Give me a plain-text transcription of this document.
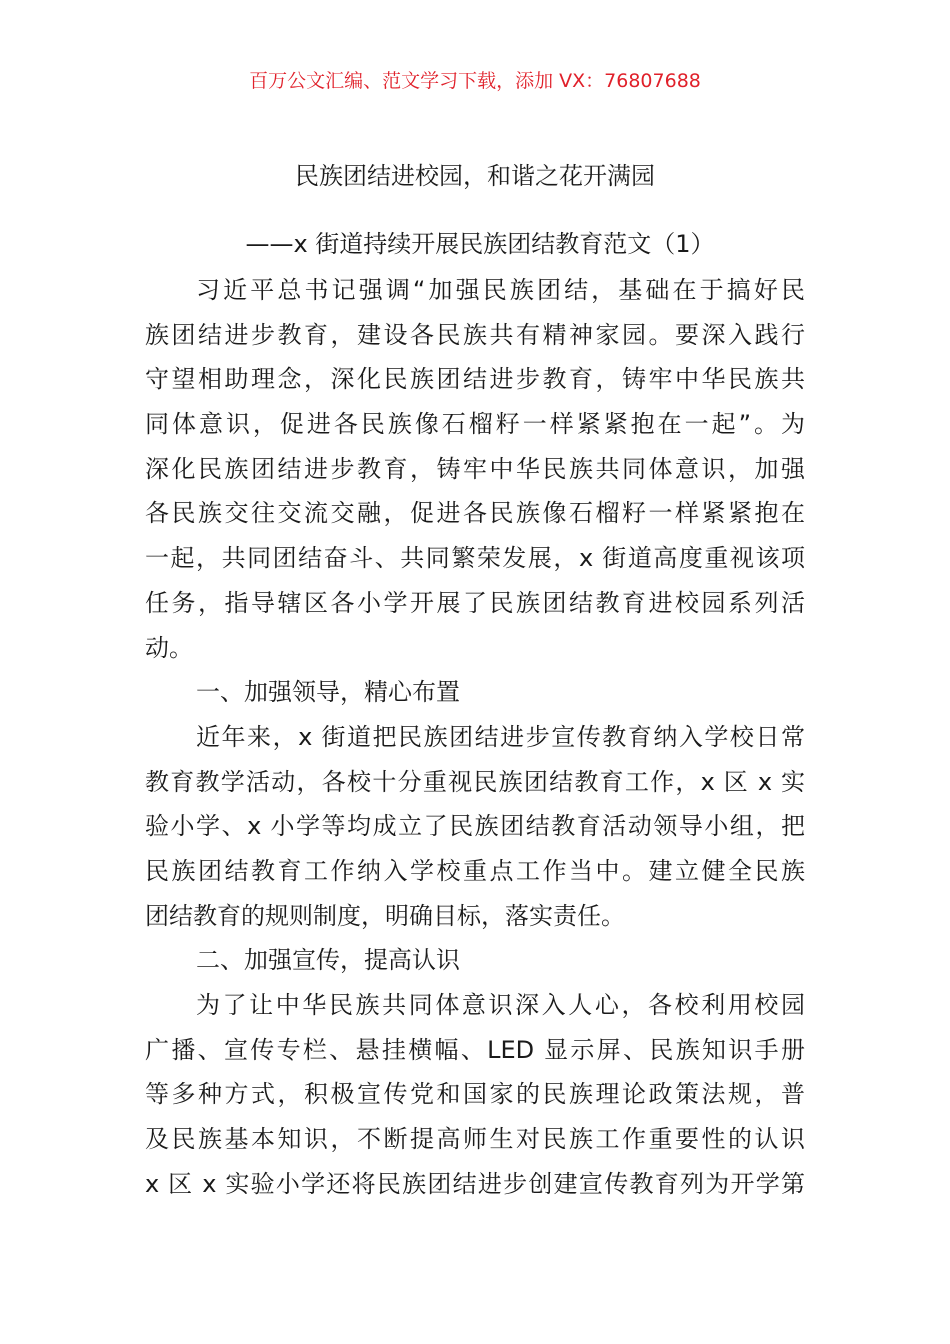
百万公文汇编、范文学习下载，添加 VX：76807688
民族团结进校园，和谐之花开满园
——x 街道持续开展民族团结教育范文（1）
习近平总书记强调“加强民族团结，基础在于搞好民
族团结进步教育，建设各民族共有精神家园。要深入践行
守望相助理念，深化民族团结进步教育，铸牢中华民族共
同体意识，促进各民族像石榴籽一样紧紧抱在一起”。为
深化民族团结进步教育，铸牢中华民族共同体意识，加强
各民族交往交流交融，促进各民族像石榴籽一样紧紧抱在
一起，共同团结奋斗、共同繁荣发展，x 街道高度重视该项
任务，指导辖区各小学开展了民族团结教育进校园系列活
动。
一、加强领导，精心布置
近年来，x 街道把民族团结进步宣传教育纳入学校日常
教育教学活动，各校十分重视民族团结教育工作，x 区 x 实
验小学、x 小学等均成立了民族团结教育活动领导小组，把
民族团结教育工作纳入学校重点工作当中。建立健全民族
团结教育的规则制度，明确目标，落实责任。
二、加强宣传，提高认识
为了让中华民族共同体意识深入人心，各校利用校园
广播、宣传专栏、悬挂横幅、LED 显示屏、民族知识手册
等多种方式，积极宣传党和国家的民族理论政策法规，普
及民族基本知识，不断提高师生对民族工作重要性的认识
x 区 x 实验小学还将民族团结进步创建宣传教育列为开学第
